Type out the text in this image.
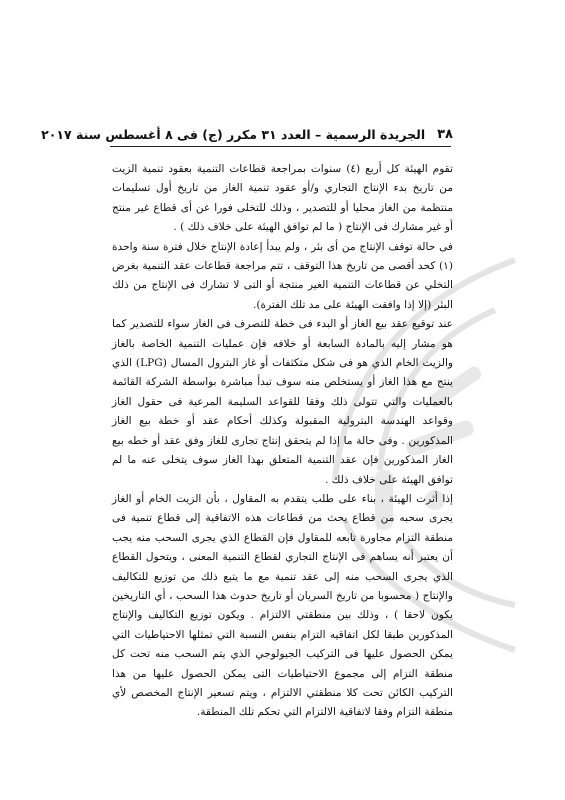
٣٨
الجريدة الرسمية – العدد ٣١ مكرر (ج) فى ٨ أغسطس سنة ٢٠١٧

تقوم الهيئة كل أربع (٤) سنوات بمراجعة قطاعات التنمية بعقود تنمية الزيت من تاريخ بدء الإنتاج التجاري و/أو عقود تنمية الغاز من تاريخ أول تسليمات منتظمة من الغاز محليا أو للتصدير ، وذلك للتخلى فورا عن أى قطاع غير منتج أو غير مشارك فى الإنتاج ( ما لم توافق الهيئة على خلاف ذلك ) .

فى حالة توقف الإنتاج من أى بئر ، ولم يبدأ إعادة الإنتاج خلال فترة سنة واحدة (١) كحد أقصى من تاريخ هذا التوقف ، تتم مراجعة قطاعات عقد التنمية بغرض التخلي عن قطاعات التنمية الغير منتجة أو التى لا تشارك فى الإنتاج من ذلك البئر (إلا إذا وافقت الهيئة على مد تلك الفترة).

عند توقيع عقد بيع الغاز أو البدء فى خطة للتصرف فى الغاز سواء للتصدير كما هو مشار إليه بالمادة السابعة أو خلافه فإن عمليات التنمية الخاصة بالغاز والزيت الخام الذي هو فى شكل متكثفات أو غاز البترول المسال (LPG) الذي ينتج مع هذا الغاز أو يستخلص منه سوف تبدأ مباشرة بواسطة الشركة القائمة بالعمليات والتي تتولى ذلك وفقا للقواعد السليمة المرعية فى حقول الغاز وقواعد الهندسة البترولية المقبولة وكذلك أحكام عقد أو خطة بيع الغاز المذكورين . وفى حالة ما إذا لم يتحقق إنتاج تجارى للغاز وفق عقد أو خطه بيع الغاز المذكورين فإن عقد التنمية المتعلق بهذا الغاز سوف يتخلى عنه ما لم توافق الهيئة على خلاف ذلك .

إذا أثرت الهيئة ، بناء على طلب يتقدم به المقاول ، بأن الزيت الخام أو الغاز يجرى سحبه من قطاع يحث من قطاعات هذه الاتفاقية إلى قطاع تنمية فى منطقة التزام مجاورة تابعه للمقاول فإن القطاع الذي يجرى السحب منه يجب أن يعتبر أنه يساهم فى الإنتاج التجاري لقطاع التنمية المعنى ، ويتحول القطاع الذي يجرى السحب منه إلى عقد تنمية مع ما يتبع ذلك من توزيع للتكاليف والإنتاج ( محسوبا من تاريخ السريان أو تاريخ حدوث هذا السحب ، أي التاريخين يكون لاحقا ) ، وذلك بين منطقتي الالتزام . ويكون توزيع التكاليف والإنتاج المذكورين طبقا لكل اتفاقيه التزام بنفس النسبة التي تمثلها الاحتياطيات التي يمكن الحصول عليها فى التركيب الجيولوجي الذي يتم السحب منه تحت كل منطقة التزام إلى مجموع الاحتياطيات التى يمكن الحصول عليها من هذا التركيب الكائن تحت كلا منطقتي الالتزام ، ويتم تسعير الإنتاج المخصص لأي منطقة التزام وفقا لاتفاقية الالتزام التي تحكم تلك المنطقة.
